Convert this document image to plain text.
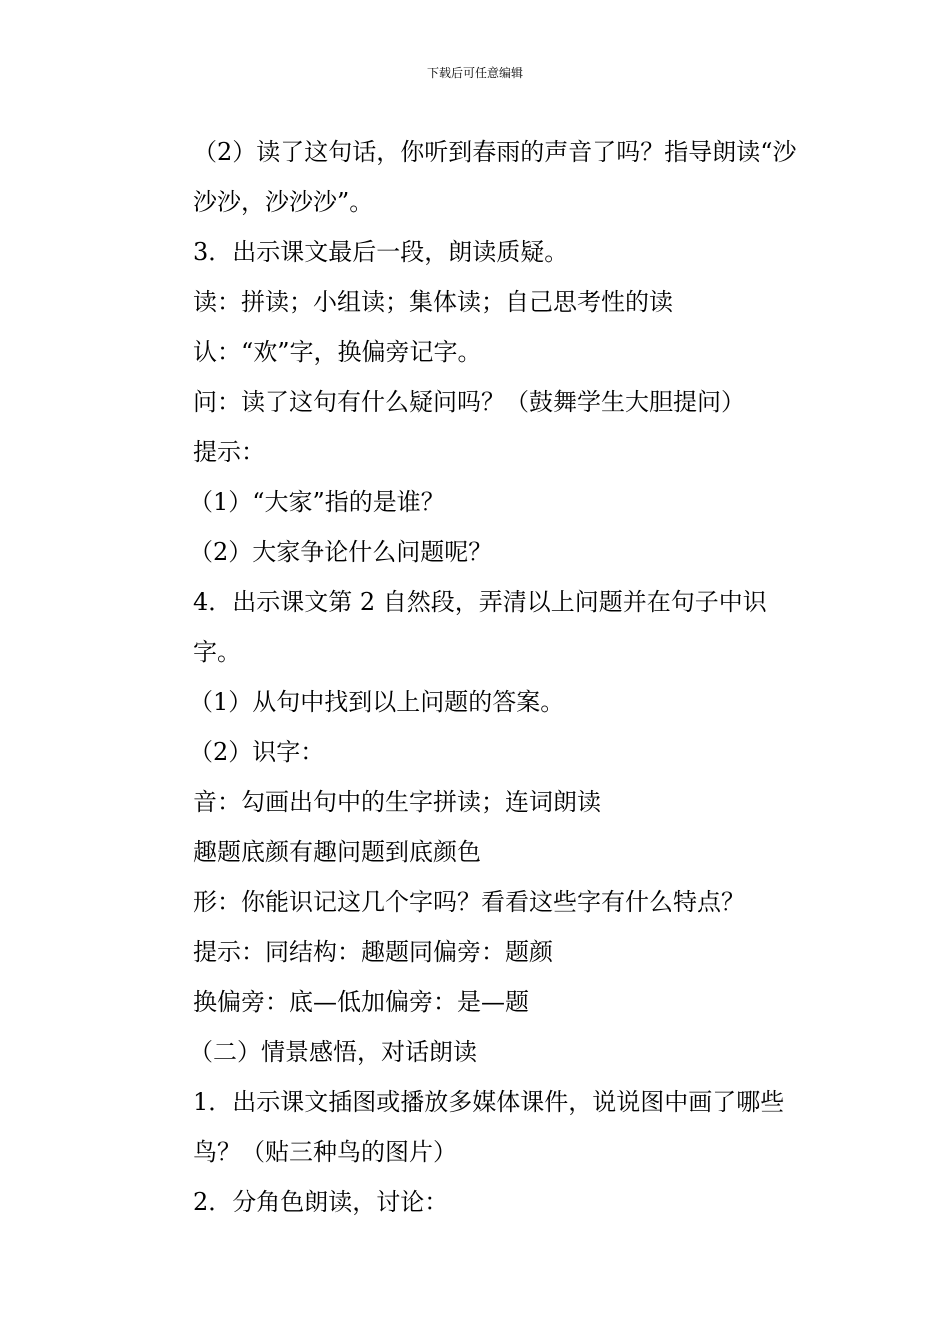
下载后可任意编辑

（2）读了这句话，你听到春雨的声音了吗？指导朗读“沙沙沙，沙沙沙”。

3．出示课文最后一段，朗读质疑。

读：拼读；小组读；集体读；自己思考性的读

认：“欢”字，换偏旁记字。

问：读了这句有什么疑问吗？（鼓舞学生大胆提问）

提示：

（1）“大家”指的是谁？

（2）大家争论什么问题呢？

4．出示课文第 2 自然段，弄清以上问题并在句子中识字。

（1）从句中找到以上问题的答案。

（2）识字：

音：勾画出句中的生字拼读；连词朗读

趣题底颜有趣问题到底颜色

形：你能识记这几个字吗？看看这些字有什么特点？

提示：同结构：趣题同偏旁：题颜

换偏旁：底—低加偏旁：是—题

（二）情景感悟，对话朗读

1．出示课文插图或播放多媒体课件，说说图中画了哪些鸟？（贴三种鸟的图片）

2．分角色朗读，讨论：
